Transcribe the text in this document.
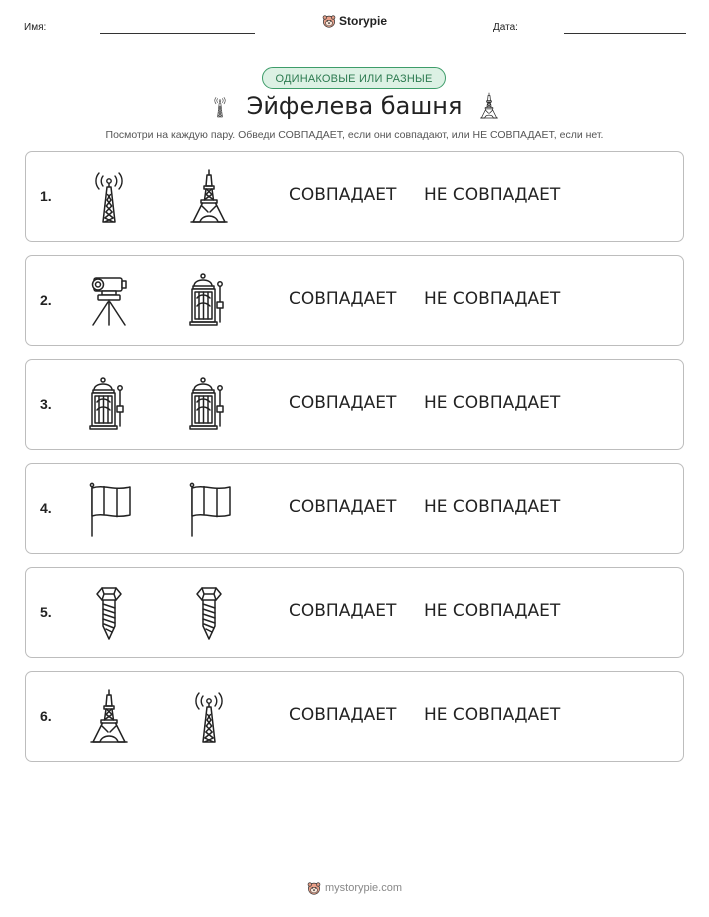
Имя:	Storypie	Дата:
ОДИНАКОВЫЕ ИЛИ РАЗНЫЕ
Эйфелева башня
Посмотри на каждую пару. Обведи СОВПАДАЕТ, если они совпадают, или НЕ СОВПАДАЕТ, если нет.
1.	СОВПАДАЕТ НЕ СОВПАДАЕТ
2.	СОВПАДАЕТ НЕ СОВПАДАЕТ
3.	СОВПАДАЕТ НЕ СОВПАДАЕТ
4.	СОВПАДАЕТ НЕ СОВПАДАЕТ
5.	СОВПАДАЕТ НЕ СОВПАДАЕТ
6.	СОВПАДАЕТ НЕ СОВПАДАЕТ
mystorypie.com
